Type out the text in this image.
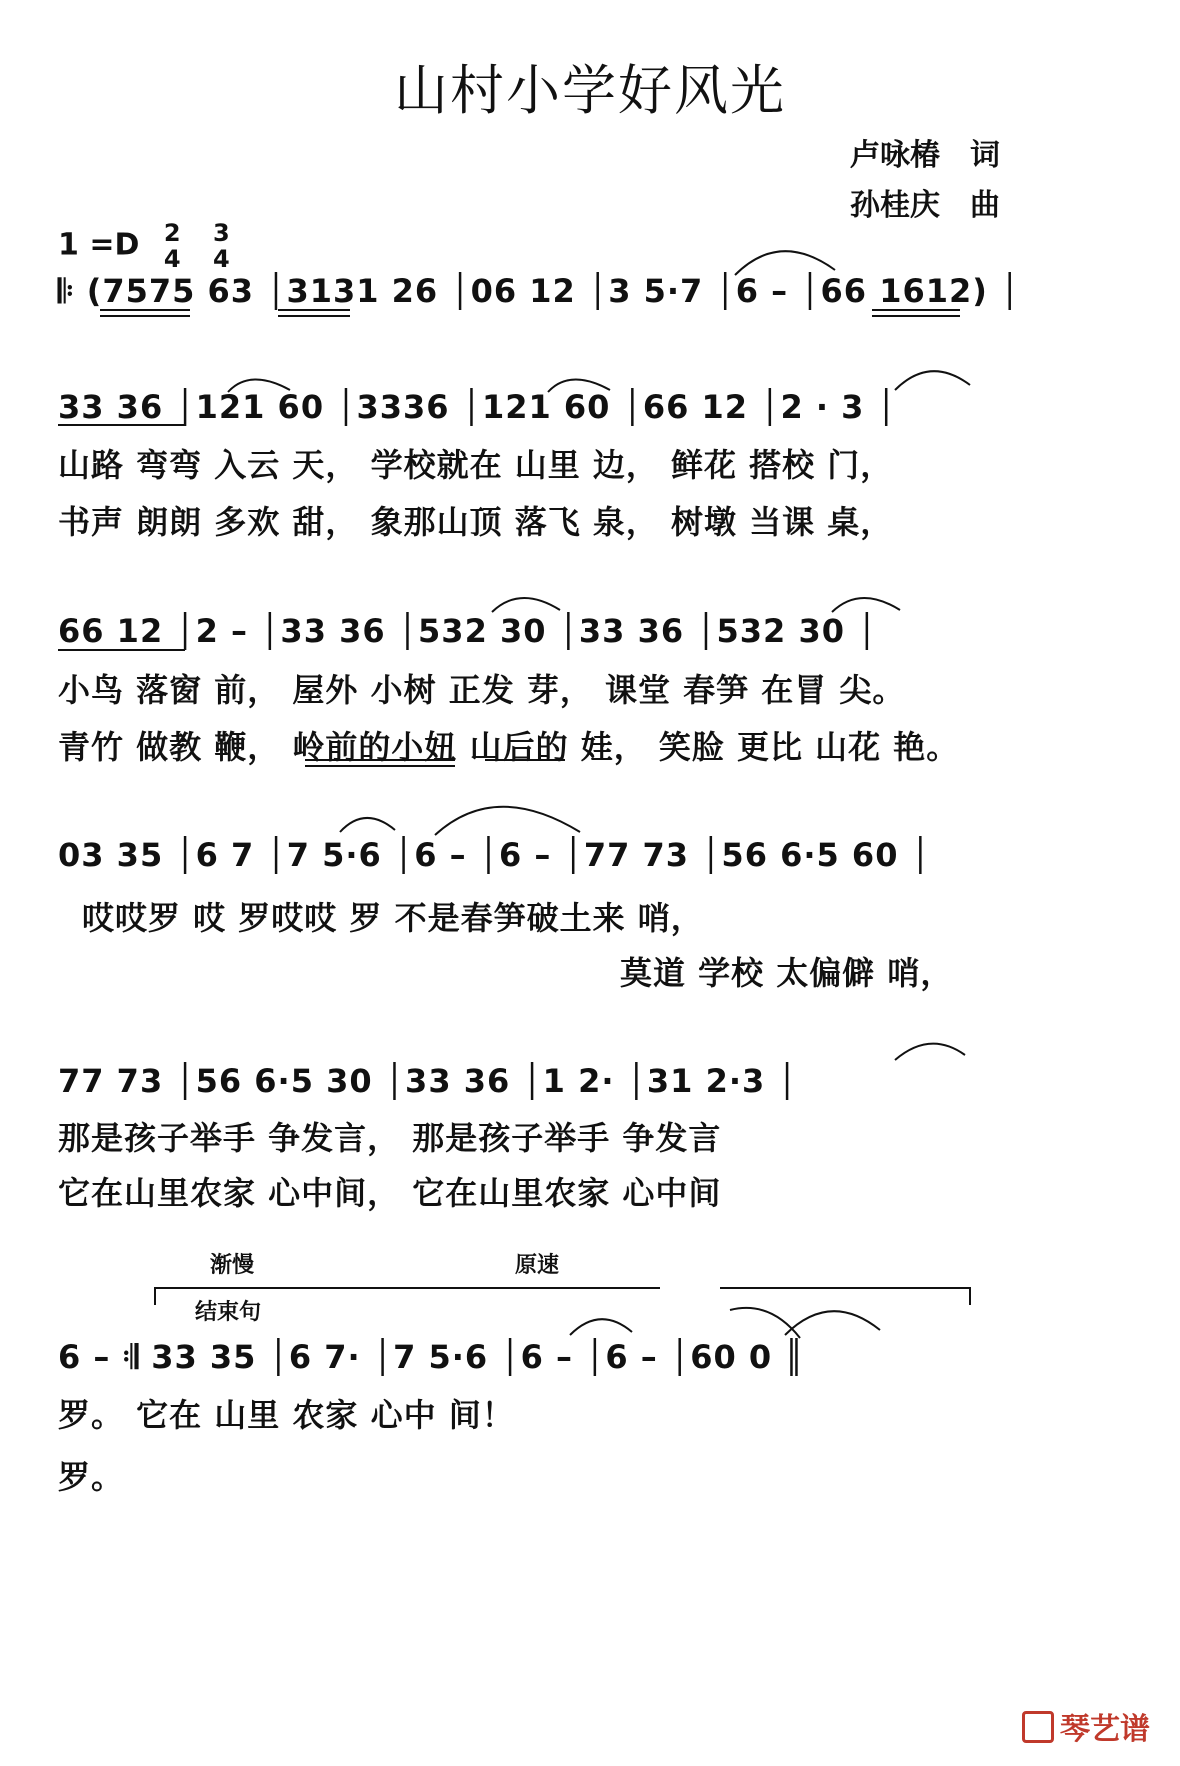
山村小学好风光
卢咏椿　词
孙桂庆　曲
1 =D 2
4 3
4
𝄆 (7575 63 │3131 26 │06 12 │3 5·7 │6 – │66 1612) │
33 36 │121 60 │3336 │121 60 │66 12 │2 · 3 │
山路 弯弯 入云 天， 学校就在 山里 边， 鲜花 搭校 门，
书声 朗朗 多欢 甜， 象那山顶 落飞 泉， 树墩 当课 桌，
66 12 │2 – │33 36 │532 30 │33 36 │532 30 │
小鸟 落窗 前， 屋外 小树 正发 芽， 课堂 春笋 在冒 尖。
青竹 做教 鞭， 岭前的小妞 山后的 娃， 笑脸 更比 山花 艳。
03 35 │6 7 │7 5·6 │6 – │6 – │77 73 │56 6·5 60 │
哎哎罗 哎 罗哎哎 罗 不是春笋破土来 哨，
莫道 学校 太偏僻 哨，
77 73 │56 6·5 30 │33 36 │1 2· │31 2·3 │
那是孩子举手 争发言， 那是孩子举手 争发言
它在山里农家 心中间， 它在山里农家 心中间
渐慢	原速
结束句
6 – 𝄇 33 35 │6 7· │7 5·6 │6 – │6 – │60 0 ║
罗。 它在 山里 农家 心中 间！
罗。
琴艺谱
